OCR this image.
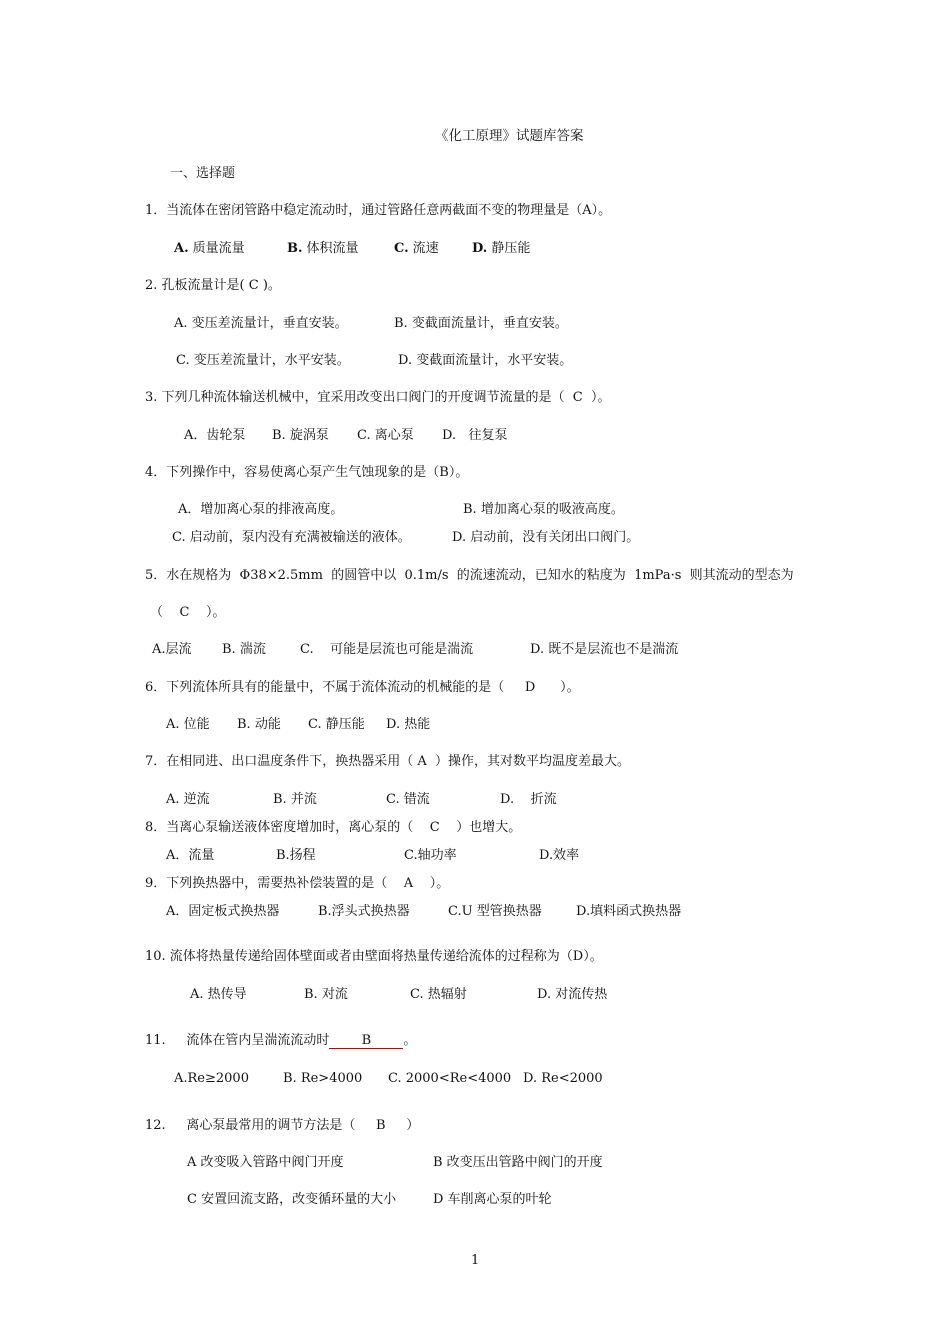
《化工原理》试题库答案
一、选择题
1．当流体在密闭管路中稳定流动时，通过管路任意两截面不变的物理量是（A）。
A. 质量流量	B. 体积流量	C. 流速	D. 静压能
2. 孔板流量计是( C )。
A. 变压差流量计，垂直安装。	B. 变截面流量计，垂直安装。
C. 变压差流量计，水平安装。	D. 变截面流量计，水平安装。
3. 下列几种流体输送机械中，宜采用改变出口阀门的开度调节流量的是（  C  ）。
A．齿轮泵 B. 旋涡泵 C. 离心泵 D.   往复泵
4．下列操作中，容易使离心泵产生气蚀现象的是（B）。
A．增加离心泵的排液高度。	B. 增加离心泵的吸液高度。
C. 启动前，泵内没有充满被输送的液体。	D. 启动前，没有关闭出口阀门。
5．水在规格为  Φ38×2.5mm  的圆管中以  0.1m/s  的流速流动，已知水的粘度为  1mPa·s  则其流动的型态为
（    C    ）。
A.层流 B. 湍流	C.    可能是层流也可能是湍流	D. 既不是层流也不是湍流
6．下列流体所具有的能量中，不属于流体流动的机械能的是（     D      ）。
A. 位能 B. 动能 C. 静压能 D. 热能
7．在相同进、出口温度条件下，换热器采用（ A  ）操作，其对数平均温度差最大。
A. 逆流	B. 并流	C. 错流	D.    折流
8．当离心泵输送液体密度增加时，离心泵的（    C    ）也增大。
A．流量	B.扬程	C.轴功率	D.效率
9．下列换热器中，需要热补偿装置的是（    A    ）。
A．固定板式换热器	B.浮头式换热器	C.U 型管换热器	D.填料函式换热器
10. 流体将热量传递给固体壁面或者由壁面将热量传递给流体的过程称为（D）。
A. 热传导	B. 对流	C. 热辐射	D. 对流传热
11.     流体在管内呈湍流流动时 B 。
A.Re≥2000	B. Re>4000 C. 2000<Re<4000 D. Re<2000
12.     离心泵最常用的调节方法是（     B     ）
A 改变吸入管路中阀门开度	B 改变压出管路中阀门的开度
C 安置回流支路，改变循环量的大小	D 车削离心泵的叶轮
1
